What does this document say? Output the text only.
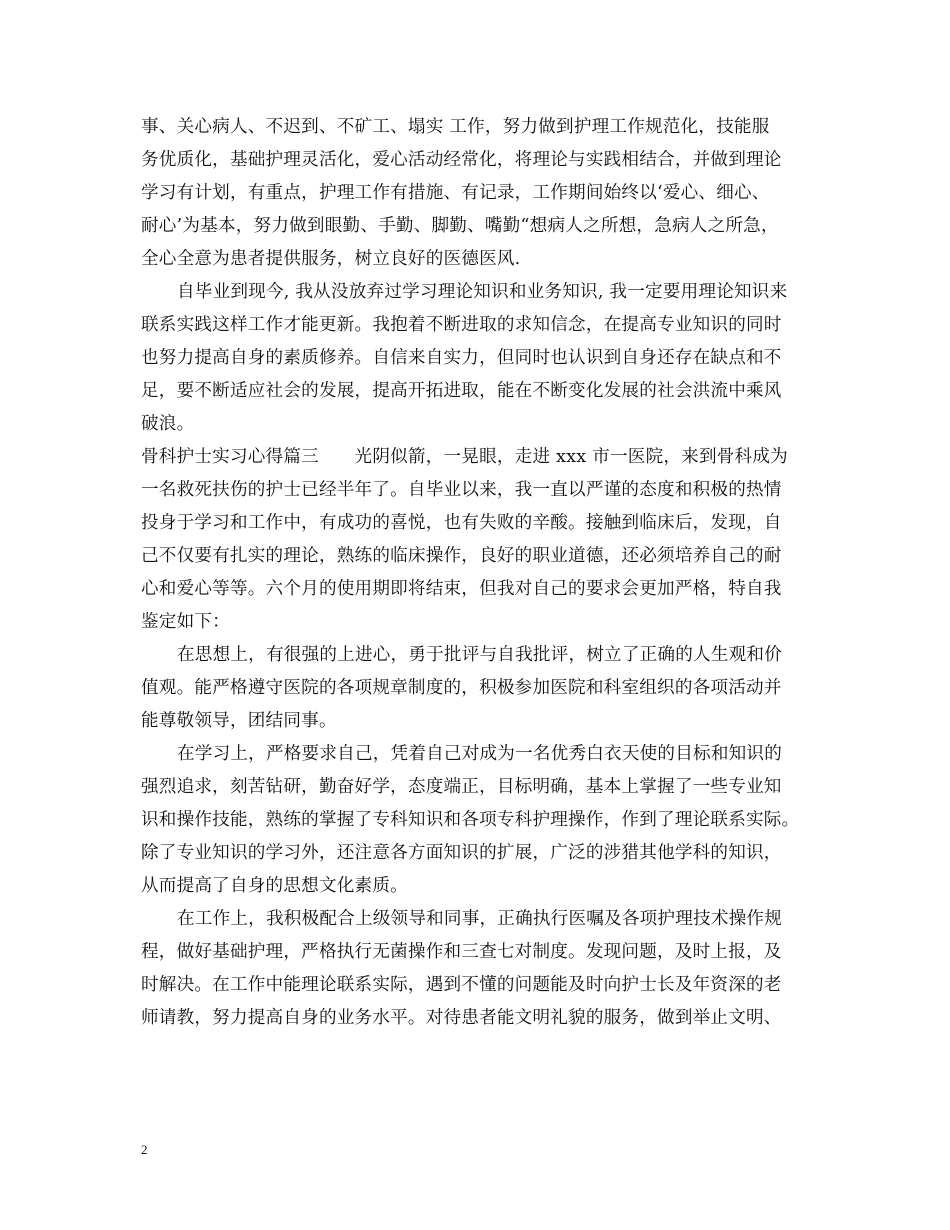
事、关心病人、不迟到、不矿工、塌实 工作，努力做到护理工作规范化，技能服
务优质化，基础护理灵活化，爱心活动经常化，将理论与实践相结合，并做到理论
学习有计划，有重点，护理工作有措施、有记录，工作期间始终以‘爱心、细心、
耐心’为基本，努力做到眼勤、手勤、脚勤、嘴勤“想病人之所想，急病人之所急，
全心全意为患者提供服务，树立良好的医德医风.
自毕业到现今, 我从没放弃过学习理论知识和业务知识, 我一定要用理论知识来
联系实践这样工作才能更新。我抱着不断进取的求知信念，在提高专业知识的同时
也努力提高自身的素质修养。自信来自实力，但同时也认识到自身还存在缺点和不
足，要不断适应社会的发展，提高开拓进取，能在不断变化发展的社会洪流中乘风
破浪。
骨科护士实习心得篇三　　光阴似箭，一晃眼，走进 xxx 市一医院，来到骨科成为
一名救死扶伤的护士已经半年了。自毕业以来，我一直以严谨的态度和积极的热情
投身于学习和工作中，有成功的喜悦，也有失败的辛酸。接触到临床后，发现，自
己不仅要有扎实的理论，熟练的临床操作，良好的职业道德，还必须培养自己的耐
心和爱心等等。六个月的使用期即将结束，但我对自己的要求会更加严格，特自我
鉴定如下：
在思想上，有很强的上进心，勇于批评与自我批评，树立了正确的人生观和价
值观。能严格遵守医院的各项规章制度的，积极参加医院和科室组织的各项活动并
能尊敬领导，团结同事。
在学习上，严格要求自己，凭着自己对成为一名优秀白衣天使的目标和知识的
强烈追求，刻苦钻研，勤奋好学，态度端正，目标明确，基本上掌握了一些专业知
识和操作技能，熟练的掌握了专科知识和各项专科护理操作，作到了理论联系实际。
除了专业知识的学习外，还注意各方面知识的扩展，广泛的涉猎其他学科的知识，
从而提高了自身的思想文化素质。
在工作上，我积极配合上级领导和同事，正确执行医嘱及各项护理技术操作规
程，做好基础护理，严格执行无菌操作和三查七对制度。发现问题，及时上报，及
时解决。在工作中能理论联系实际，遇到不懂的问题能及时向护士长及年资深的老
师请教，努力提高自身的业务水平。对待患者能文明礼貌的服务，做到举止文明、
2
